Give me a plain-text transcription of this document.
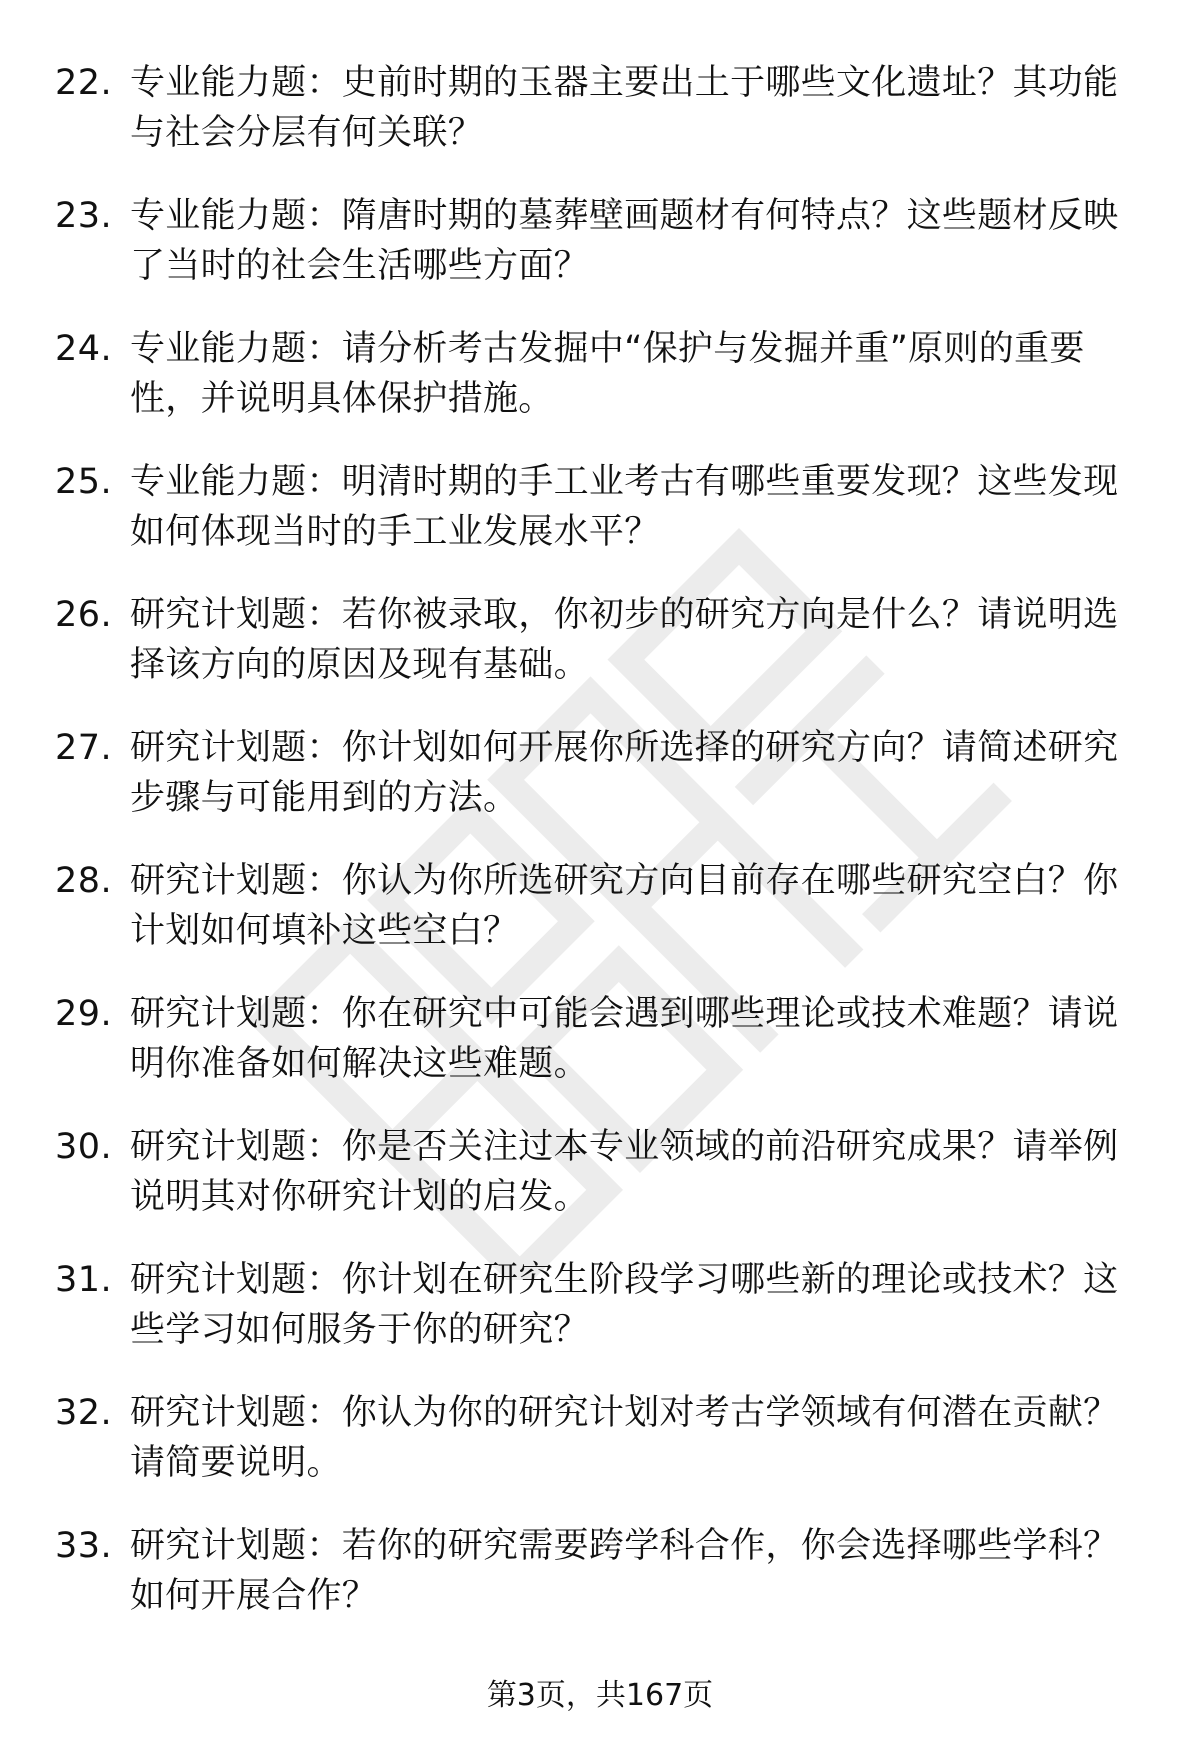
22. 专业能力题：史前时期的玉器主要出土于哪些文化遗址？其功能
与社会分层有何关联？
23. 专业能力题：隋唐时期的墓葬壁画题材有何特点？这些题材反映
了当时的社会生活哪些方面？
24. 专业能力题：请分析考古发掘中“保护与发掘并重”原则的重要
性，并说明具体保护措施。
25. 专业能力题：明清时期的手工业考古有哪些重要发现？这些发现
如何体现当时的手工业发展水平？
26. 研究计划题：若你被录取，你初步的研究方向是什么？请说明选
择该方向的原因及现有基础。
27. 研究计划题：你计划如何开展你所选择的研究方向？请简述研究
步骤与可能用到的方法。
28. 研究计划题：你认为你所选研究方向目前存在哪些研究空白？你
计划如何填补这些空白？
29. 研究计划题：你在研究中可能会遇到哪些理论或技术难题？请说
明你准备如何解决这些难题。
30. 研究计划题：你是否关注过本专业领域的前沿研究成果？请举例
说明其对你研究计划的启发。
31. 研究计划题：你计划在研究生阶段学习哪些新的理论或技术？这
些学习如何服务于你的研究？
32. 研究计划题：你认为你的研究计划对考古学领域有何潜在贡献？
请简要说明。
33. 研究计划题：若你的研究需要跨学科合作，你会选择哪些学科？
如何开展合作？
第3页，共167页
